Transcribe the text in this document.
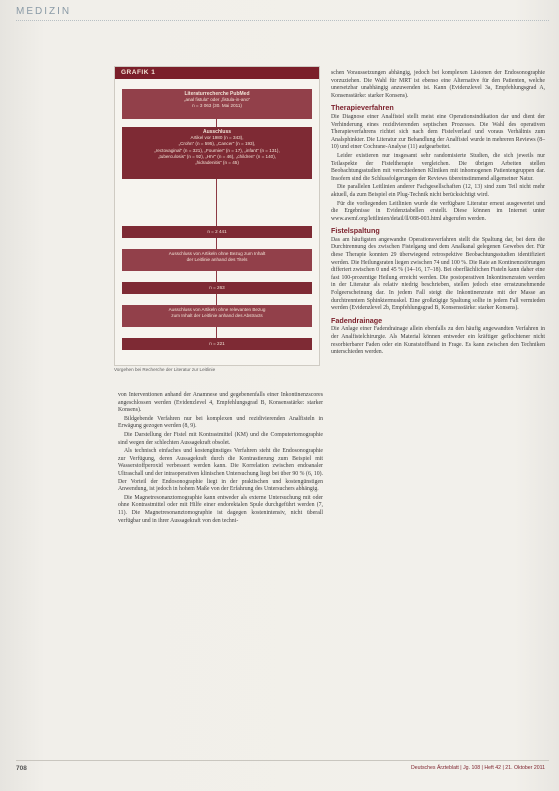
MEDIZIN
GRAFIK 1
Literaturrecherche PubMed
„anal fistula“ oder „fistula-in-ano“
n = 3 063 (30. Mai 2011)
Ausschluss
Artikel vor 1980 (n = 343),
„Crohn“ (n = 595), „Cancer“ (n = 193),
„rectovaginal“ (n = 321), „Fournier“ (n = 17), „infant“ (n = 131),
„tuberculosis“ (n = 92), „HIV“ (n = 46), „children“ (n = 140),
„hidradenitis“ (n = 45)
n = 2 441
Ausschluss von Artikeln ohne Bezug zum Inhalt
der Leitlinie anhand des Titels
n = 263
Ausschluss von Artikeln ohne relevanten Bezug
zum Inhalt der Leitlinie anhand des Abstracts
n = 221
Vorgehen bei Recherche der Literatur zur Leitlinie

von Interventionen anhand der Anamnese und gegebenenfalls einer Inkontinenzscores angeschlossen werden (Evidenzlevel 4, Empfehlungsgrad B, Konsensstärke: starker Konsens).

Bildgebende Verfahren nur bei komplexen und rezidivierenden Analfisteln in Erwägung gezogen werden (8, 9).

Die Darstellung der Fistel mit Kontrastmittel (KM) und die Computertomographie sind wegen der schlechten Aussagekraft obsolet.

Als technisch einfaches und kostengünstiges Verfahren steht die Endosonographie zur Verfügung, deren Aussagekraft durch die Kontrastierung zum Beispiel mit Wasserstoffperoxid verbessert werden kann. Die Korrelation zwischen endoanaler Ultraschall und der intraoperativen klinischen Untersuchung liegt bei über 90 % (6, 10). Der Vorteil der Endosonographie liegt in der praktischen und kostengünstigen Anwendung, ist jedoch in hohem Maße von der Erfahrung des Untersuchers abhängig.

Die Magnetresonanztomographie kann entweder als externe Untersuchung mit oder ohne Kontrastmittel oder mit Hilfe einer endorektalen Spule durchgeführt werden (7, 11). Die Magnetresonanztomographie ist dagegen kostenintensiv, nicht überall verfügbar und in ihrer Aussagekraft von den techni-

schen Voraussetzungen abhängig, jedoch bei komplexen Läsionen der Endosonographie vorzuziehen. Die Wahl für MRT ist ebenso eine Alternative für den Patienten, welche unersetzbar unabhängig anzuwenden ist. Kann (Evidenzlevel 3a, Empfehlungsgrad A, Konsensstärke: starker Konsens).

Therapieverfahren

Die Diagnose einer Analfistel stellt meist eine Operationsindikation dar und dient der Verhinderung eines rezidivierenden septischen Prozesses. Die Wahl des operativen Therapieverfahrens richtet sich nach dem Fistelverlauf und voraus Verhältnis zum Analsphinkter. Die Literatur zur Behandlung der Analfistel wurde in mehreren Reviews (8–10) und einer Cochrane-Analyse (11) aufgearbeitet.

Leider existieren nur insgesamt sehr randomisierte Studien, die sich jeweils nur Teilaspekte der Fisteltherapie vergleichen. Die übrigen Arbeiten stellen Beobachtungsstudien mit verschiedenen Kliniken mit inhomogenen Patientengruppen dar. Insofern sind die Schlussfolgerungen der Reviews übereinstimmend allgemeiner Natur.

Die parallelen Leitlinien anderer Fachgesellschaften (12, 13) sind zum Teil nicht mehr aktuell, da zum Beispiel ein Plug-Technik nicht berücksichtigt wird.

Für die vorliegenden Leitlinien wurde die verfügbare Literatur erneut ausgewertet und die Ergebnisse in Evidenztabellen erstellt. Diese können im Internet unter www.awmf.org/leitlinien/detail/ll/088-003.html abgerufen werden.

Fistelspaltung

Das am häufigsten angewandte Operationsverfahren stellt die Spaltung dar, bei dem die Durchtrennung des zwischen Fistelgang und dem Analkanal gelegenen Gewebes der. Für diese Therapie konnten 29 überwiegend retrospektive Beobachtungsstudien identifiziert werden. Die Heilungsraten liegen zwischen 74 und 100 %. Die Rate an Kontinenzstörungen differiert zwischen 0 und 45 % (14–16, 17–18). Bei oberflächlichen Fisteln kann daher eine fast 100-prozentige Heilung erreicht werden. Die postoperativen Inkontinenzraten werden in der Literatur als relativ niedrig beschrieben, stellen jedoch eine ernstzunehmende Folgeerscheinung dar. In jedem Fall steigt die Inkontinenzrate mit der Masse an durchtrenntem Sphinktermuskel. Eine großzügige Spaltung sollte in jedem Fall vermieden werden (Evidenzlevel 2b, Empfehlungsgrad B, Konsensstärke: starker Konsens).

Fadendrainage

Die Anlage einer Fadendrainage allein ebenfalls zu den häufig angewandten Verfahren in der Analfistelchirurgie. Als Material können entweder ein kräftiger geflochtener nicht resorbierbarer Faden oder ein Kunststoffband in Frage. Es kann zwischen den Techniken unterschieden werden.

708	Deutsches Ärzteblatt | Jg. 108 | Heft 42 | 21. Oktober 2011
